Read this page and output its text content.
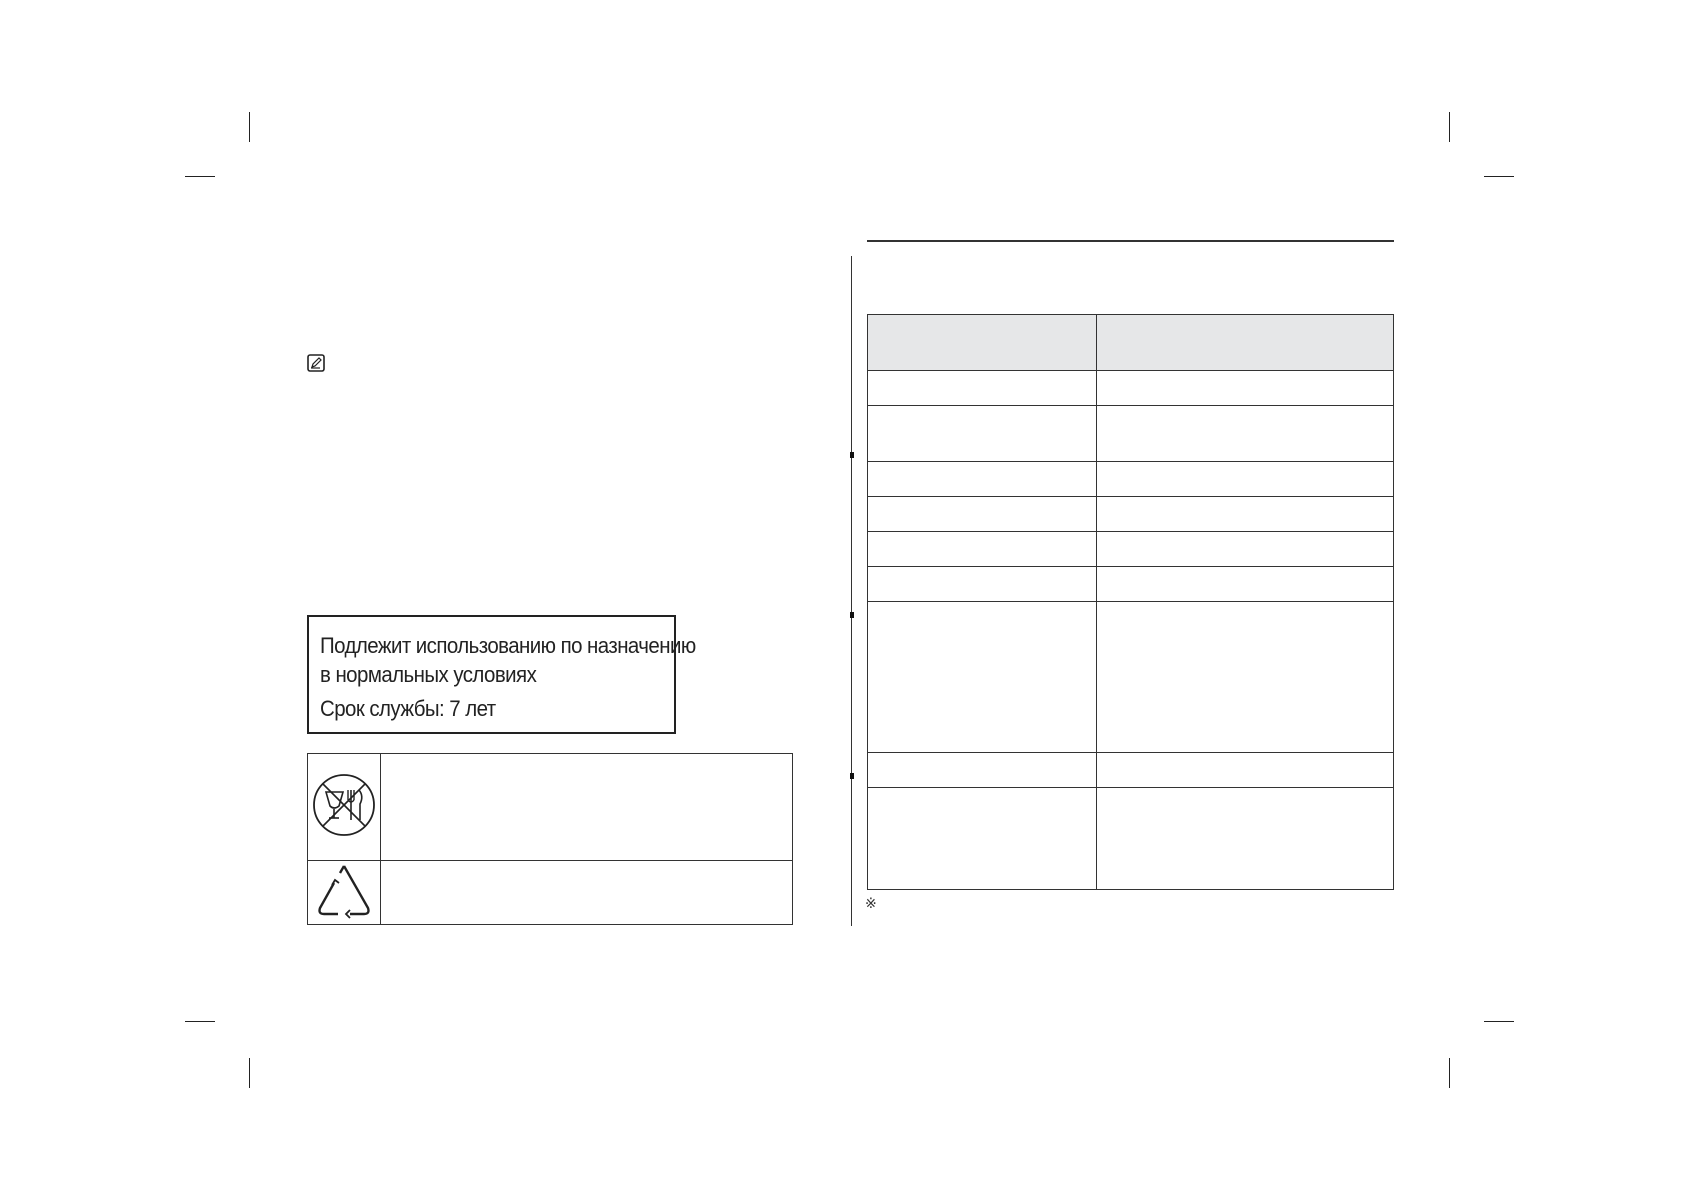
Подлежит использованию по назначению
в нормальных условиях
Срок службы: 7 лет

※
